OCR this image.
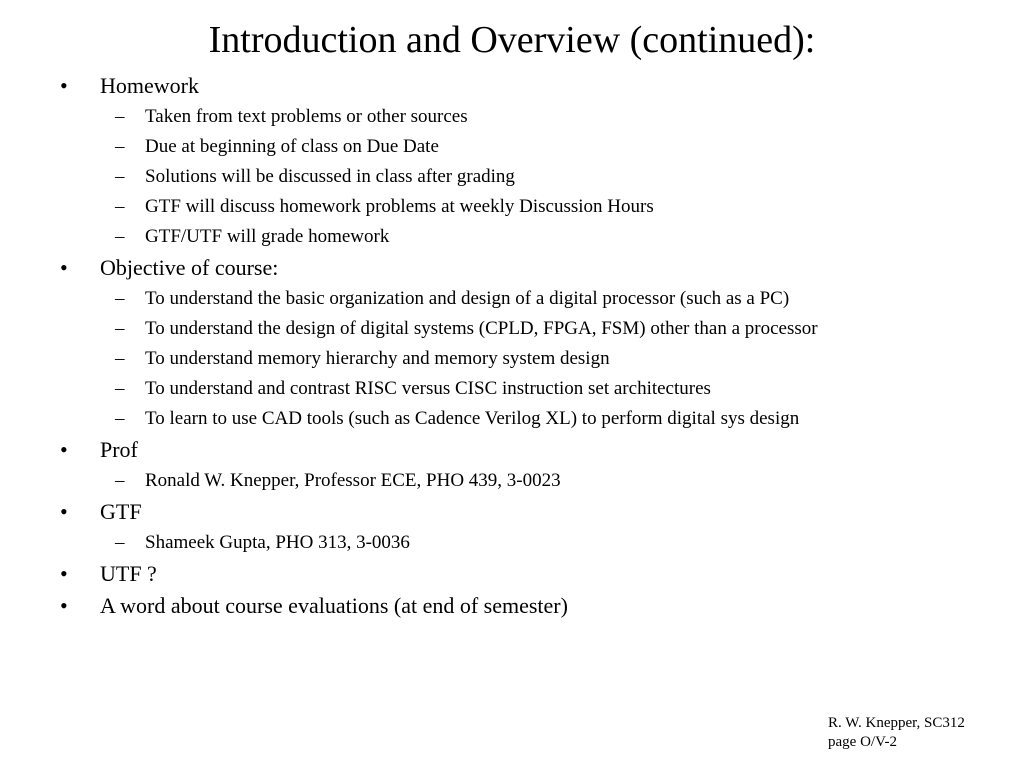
Introduction and Overview (continued):
• Homework
– Taken from text problems or other sources
– Due at beginning of class on Due Date
– Solutions will be discussed in class after grading
– GTF will discuss homework problems at weekly Discussion Hours
– GTF/UTF will grade homework
• Objective of course:
– To understand the basic organization and design of a digital processor (such as a PC)
– To understand the design of digital systems (CPLD, FPGA, FSM) other than a processor
– To understand memory hierarchy and memory system design
– To understand and contrast RISC versus CISC instruction set architectures
– To learn to use CAD tools (such as Cadence Verilog XL) to perform digital sys design
• Prof
– Ronald W. Knepper, Professor ECE, PHO 439, 3-0023
• GTF
– Shameek Gupta, PHO 313, 3-0036
• UTF ?
• A word about course evaluations (at end of semester)
R. W. Knepper, SC312
page O/V-2
